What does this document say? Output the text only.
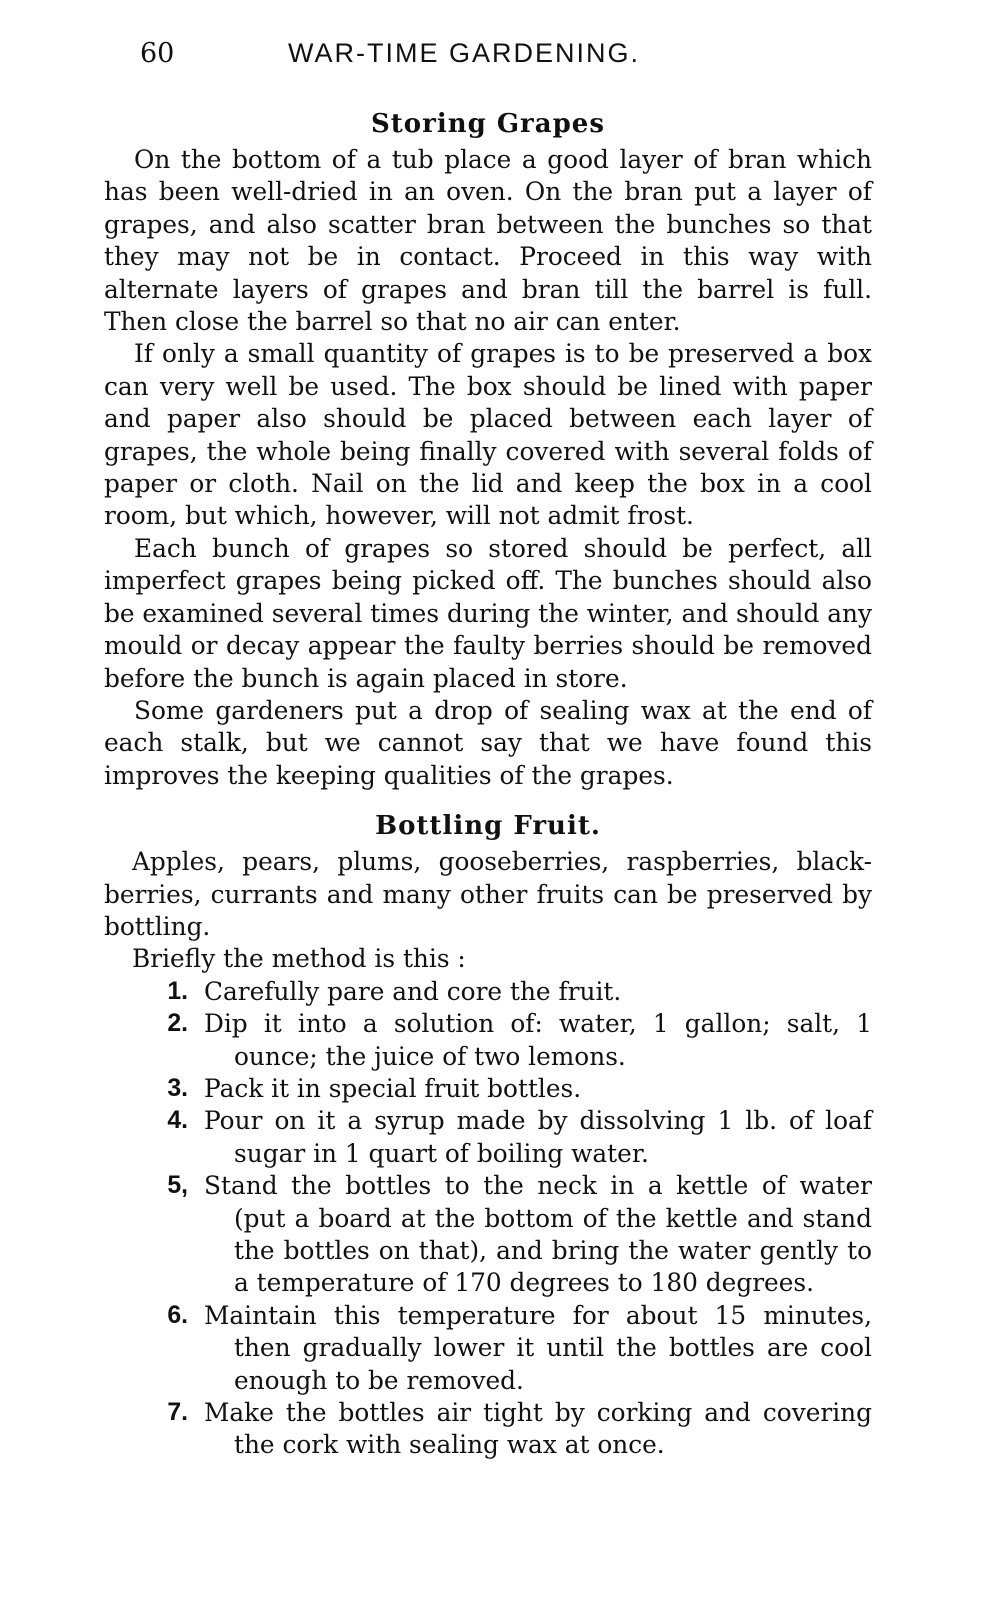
60	WAR-TIME GARDENING.
Storing Grapes

On the bottom of a tub place a good layer of bran which has been well-dried in an oven. On the bran put a layer of grapes, and also scatter bran between the bunches so that they may not be in contact. Proceed in this way with alternate layers of grapes and bran till the barrel is full. Then close the barrel so that no air can enter.

If only a small quantity of grapes is to be preserved a box can very well be used. The box should be lined with paper and paper also should be placed between each layer of grapes, the whole being finally covered with several folds of paper or cloth. Nail on the lid and keep the box in a cool room, but which, however, will not admit frost.

Each bunch of grapes so stored should be perfect, all imperfect grapes being picked off. The bunches should also be examined several times during the winter, and should any mould or decay appear the faulty berries should be removed before the bunch is again placed in store.

Some gardeners put a drop of sealing wax at the end of each stalk, but we cannot say that we have found this improves the keeping qualities of the grapes.

Bottling Fruit.

Apples, pears, plums, gooseberries, raspberries, black-berries, currants and many other fruits can be preserved by bottling.

Briefly the method is this :

1. Carefully pare and core the fruit.
2. Dip it into a solution of: water, 1 gallon; salt, 1 ounce; the juice of two lemons.
3. Pack it in special fruit bottles.
4. Pour on it a syrup made by dissolving 1 lb. of loaf sugar in 1 quart of boiling water.
5, Stand the bottles to the neck in a kettle of water (put a board at the bottom of the kettle and stand the bottles on that), and bring the water gently to a temperature of 170 degrees to 180 degrees.
6. Maintain this temperature for about 15 minutes, then gradually lower it until the bottles are cool enough to be removed.
7. Make the bottles air tight by corking and covering the cork with sealing wax at once.
